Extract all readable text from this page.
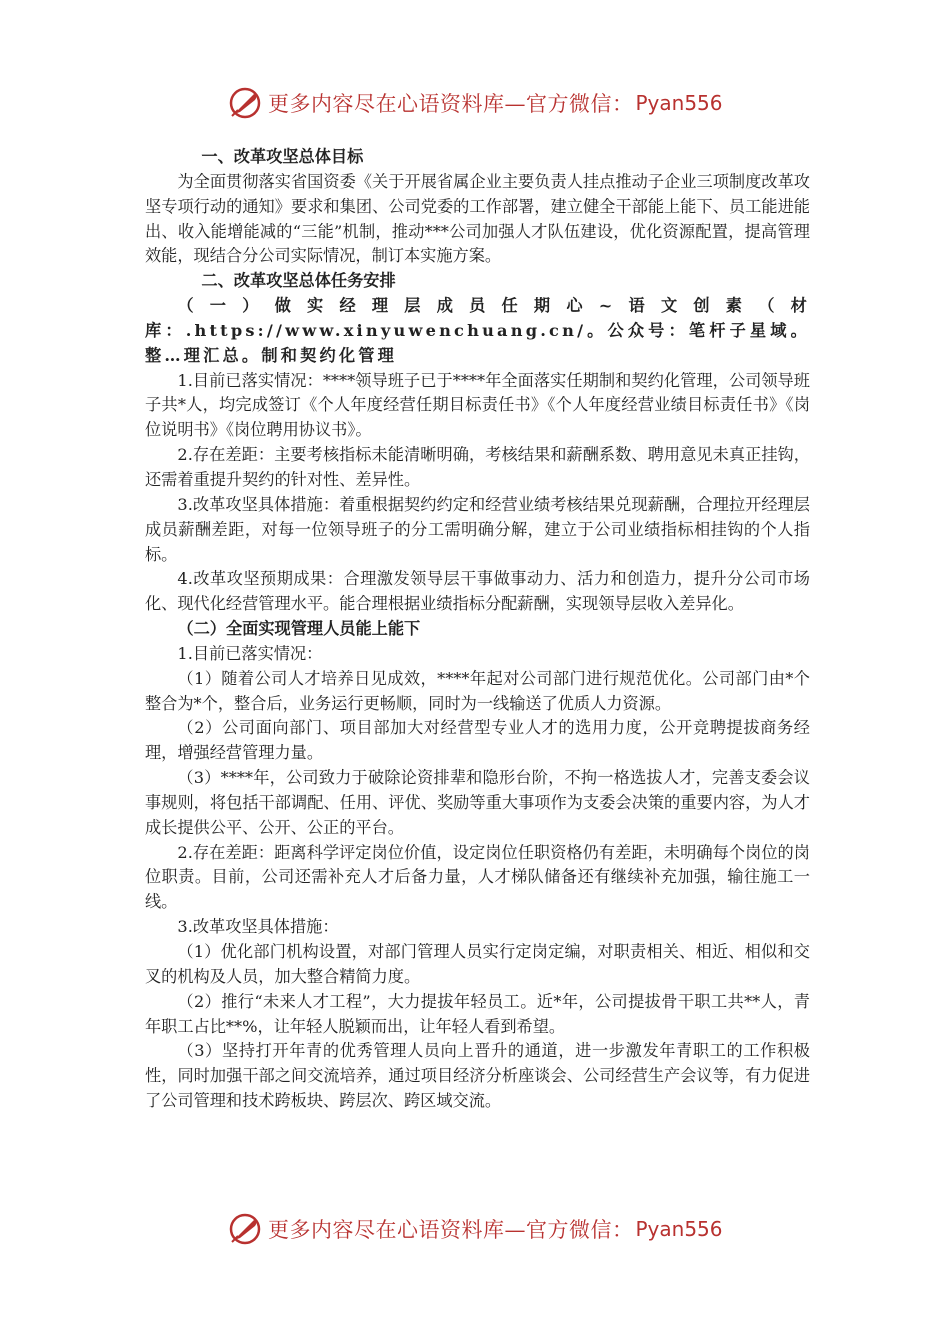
更多内容尽在心语资料库—官方微信： Pyan556

一、改革攻坚总体目标

为全面贯彻落实省国资委《关于开展省属企业主要负责人挂点推动子企业三项制度改革攻坚专项行动的通知》要求和集团、公司党委的工作部署，建立健全干部能上能下、员工能进能出、收入能增能减的“三能”机制，推动***公司加强人才队伍建设，优化资源配置，提高管理效能，现结合分公司实际情况，制订本实施方案。

二、改革攻坚总体任务安排

（一）做实经理层成员任期心~语文创素（材库：.https://www.xinyuwenchuang.cn/。公众号：笔杆子星域。整…理汇总。制和契约化管理

1.目前已落实情况：****领导班子已于****年全面落实任期制和契约化管理，公司领导班子共*人，均完成签订《个人年度经营任期目标责任书》《个人年度经营业绩目标责任书》《岗位说明书》《岗位聘用协议书》。

2.存在差距：主要考核指标未能清晰明确，考核结果和薪酬系数、聘用意见未真正挂钩，还需着重提升契约的针对性、差异性。

3.改革攻坚具体措施：着重根据契约约定和经营业绩考核结果兑现薪酬，合理拉开经理层成员薪酬差距，对每一位领导班子的分工需明确分解，建立于公司业绩指标相挂钩的个人指标。

4.改革攻坚预期成果：合理激发领导层干事做事动力、活力和创造力，提升分公司市场化、现代化经营管理水平。能合理根据业绩指标分配薪酬，实现领导层收入差异化。

（二）全面实现管理人员能上能下

1.目前已落实情况：

（1）随着公司人才培养日见成效，****年起对公司部门进行规范优化。公司部门由*个整合为*个，整合后，业务运行更畅顺，同时为一线输送了优质人力资源。

（2）公司面向部门、项目部加大对经营型专业人才的选用力度，公开竞聘提拔商务经理，增强经营管理力量。

（3）****年，公司致力于破除论资排辈和隐形台阶，不拘一格选拔人才，完善支委会议事规则，将包括干部调配、任用、评优、奖励等重大事项作为支委会决策的重要内容，为人才成长提供公平、公开、公正的平台。

2.存在差距：距离科学评定岗位价值，设定岗位任职资格仍有差距，未明确每个岗位的岗位职责。目前，公司还需补充人才后备力量，人才梯队储备还有继续补充加强，输往施工一线。

3.改革攻坚具体措施：

（1）优化部门机构设置，对部门管理人员实行定岗定编，对职责相关、相近、相似和交叉的机构及人员，加大整合精简力度。

（2）推行“未来人才工程”，大力提拔年轻员工。近*年，公司提拔骨干职工共**人，青年职工占比**%，让年轻人脱颖而出，让年轻人看到希望。

（3）坚持打开年青的优秀管理人员向上晋升的通道，进一步激发年青职工的工作积极性，同时加强干部之间交流培养，通过项目经济分析座谈会、公司经营生产会议等，有力促进了公司管理和技术跨板块、跨层次、跨区域交流。

更多内容尽在心语资料库—官方微信： Pyan556
